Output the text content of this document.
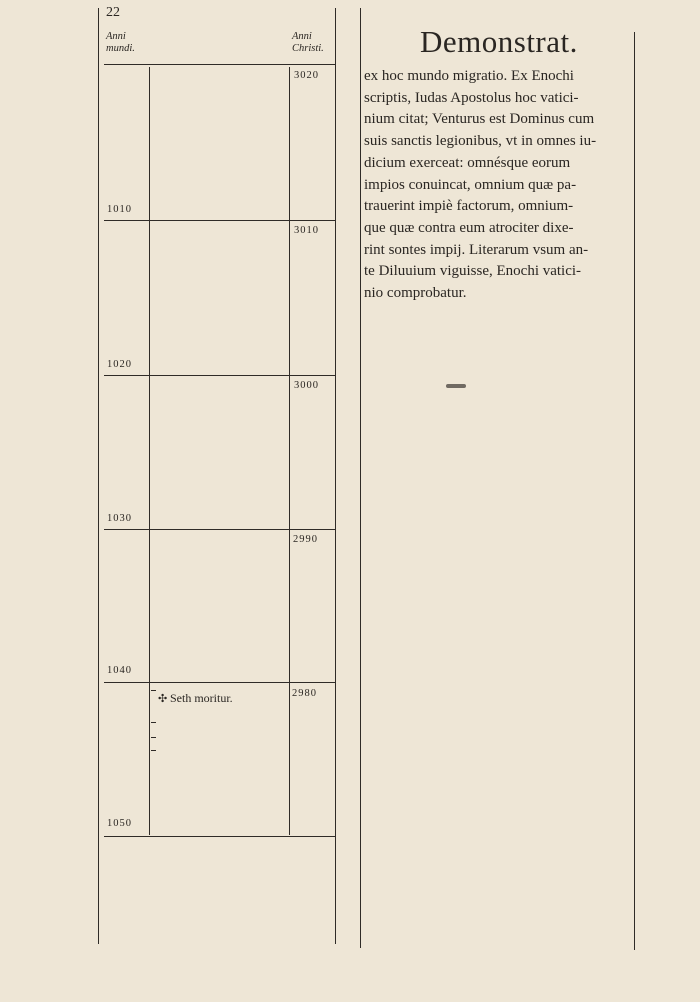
22
Anni
mundi.
Anni
Christi.
1010
1020
1030
1040
1050
3020
3010
3000
2990
2980
✣ Seth moritur.
Demonstrat.
ex hoc mundo migratio. Ex Enochi
scriptis, Iudas Apostolus hoc vatici-
nium citat; Venturus est Dominus cum
suis sanctis legionibus, vt in omnes iu-
dicium exerceat: omnésque eorum
impios conuincat, omnium quæ pa-
trauerint impiè factorum, omnium-
que quæ contra eum atrociter dixe-
rint sontes impij. Literarum vsum an-
te Diluuium viguisse, Enochi vatici-
nio comprobatur.
